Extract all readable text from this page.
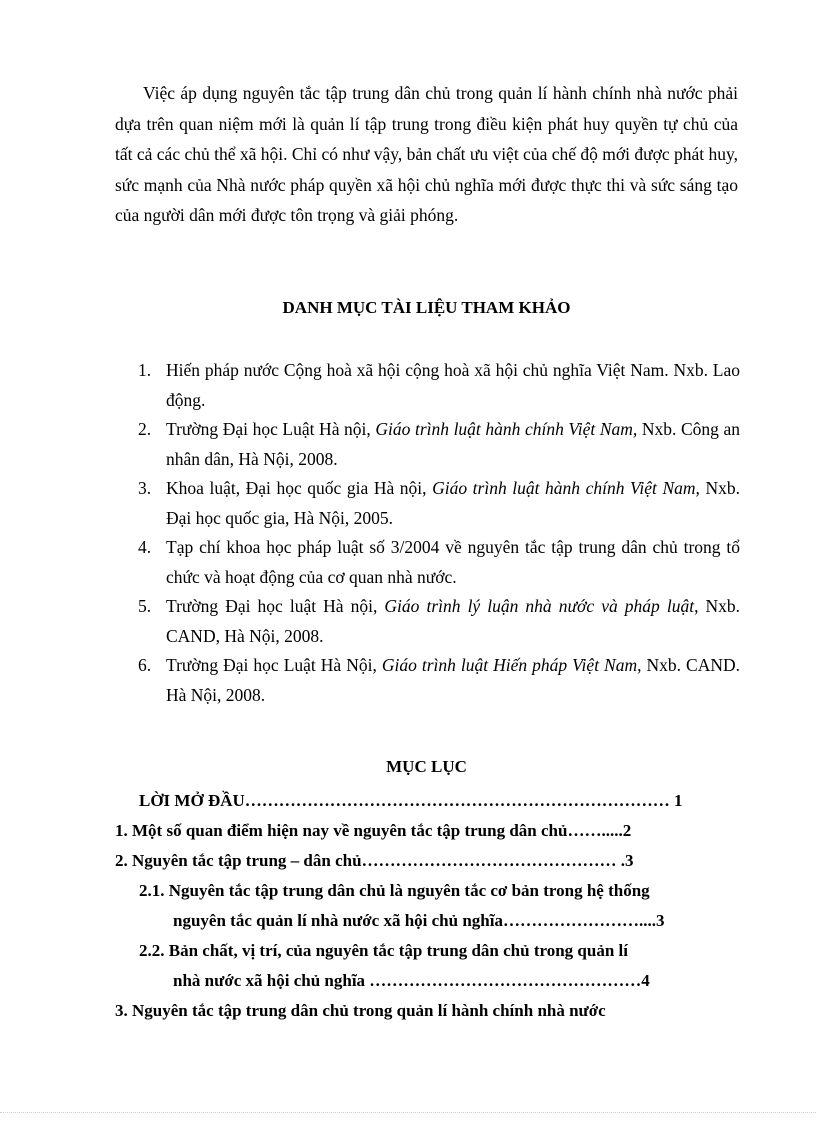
Việc áp dụng nguyên tắc tập trung dân chủ trong quản lí hành chính nhà nước phải dựa trên quan niệm mới là quản lí tập trung trong điều kiện phát huy quyền tự chủ của tất cả các chủ thể xã hội. Chỉ có như vậy, bản chất ưu việt của chế độ mới được phát huy, sức mạnh của Nhà nước pháp quyền xã hội chủ nghĩa mới được thực thi và sức sáng tạo của người dân mới được tôn trọng và giải phóng.

DANH MỤC TÀI LIỆU THAM KHẢO
1. Hiến pháp nước Cộng hoà xã hội cộng hoà xã hội chủ nghĩa Việt Nam. Nxb. Lao động.
2. Trường Đại học Luật Hà nội, Giáo trình luật hành chính Việt Nam, Nxb. Công an nhân dân, Hà Nội, 2008.
3. Khoa luật, Đại học quốc gia Hà nội, Giáo trình luật hành chính Việt Nam, Nxb. Đại học quốc gia, Hà Nội, 2005.
4. Tạp chí khoa học pháp luật số 3/2004 về nguyên tắc tập trung dân chủ trong tổ chức và hoạt động của cơ quan nhà nước.
5. Trường Đại học luật Hà nội, Giáo trình lý luận nhà nước và pháp luật, Nxb. CAND, Hà Nội, 2008.
6. Trường Đại học Luật Hà Nội, Giáo trình luật Hiến pháp Việt Nam, Nxb. CAND. Hà Nội, 2008.
MỤC LỤC
LỜI MỞ ĐẦU………………………………………………………………… 1
1. Một số quan điểm hiện nay về nguyên tắc tập trung dân chủ…….....2
2. Nguyên tắc tập trung – dân chủ……………………………………… .3
2.1. Nguyên tắc tập trung dân chủ là nguyên tắc cơ bản trong hệ thống
nguyên tắc quản lí nhà nước xã hội chủ nghĩa……………………....3
2.2. Bản chất, vị trí, của nguyên tắc tập trung dân chủ trong quản lí
nhà nước xã hội chủ nghĩa …………………………………………4
3. Nguyên tắc tập trung dân chủ trong quản lí hành chính nhà nước
